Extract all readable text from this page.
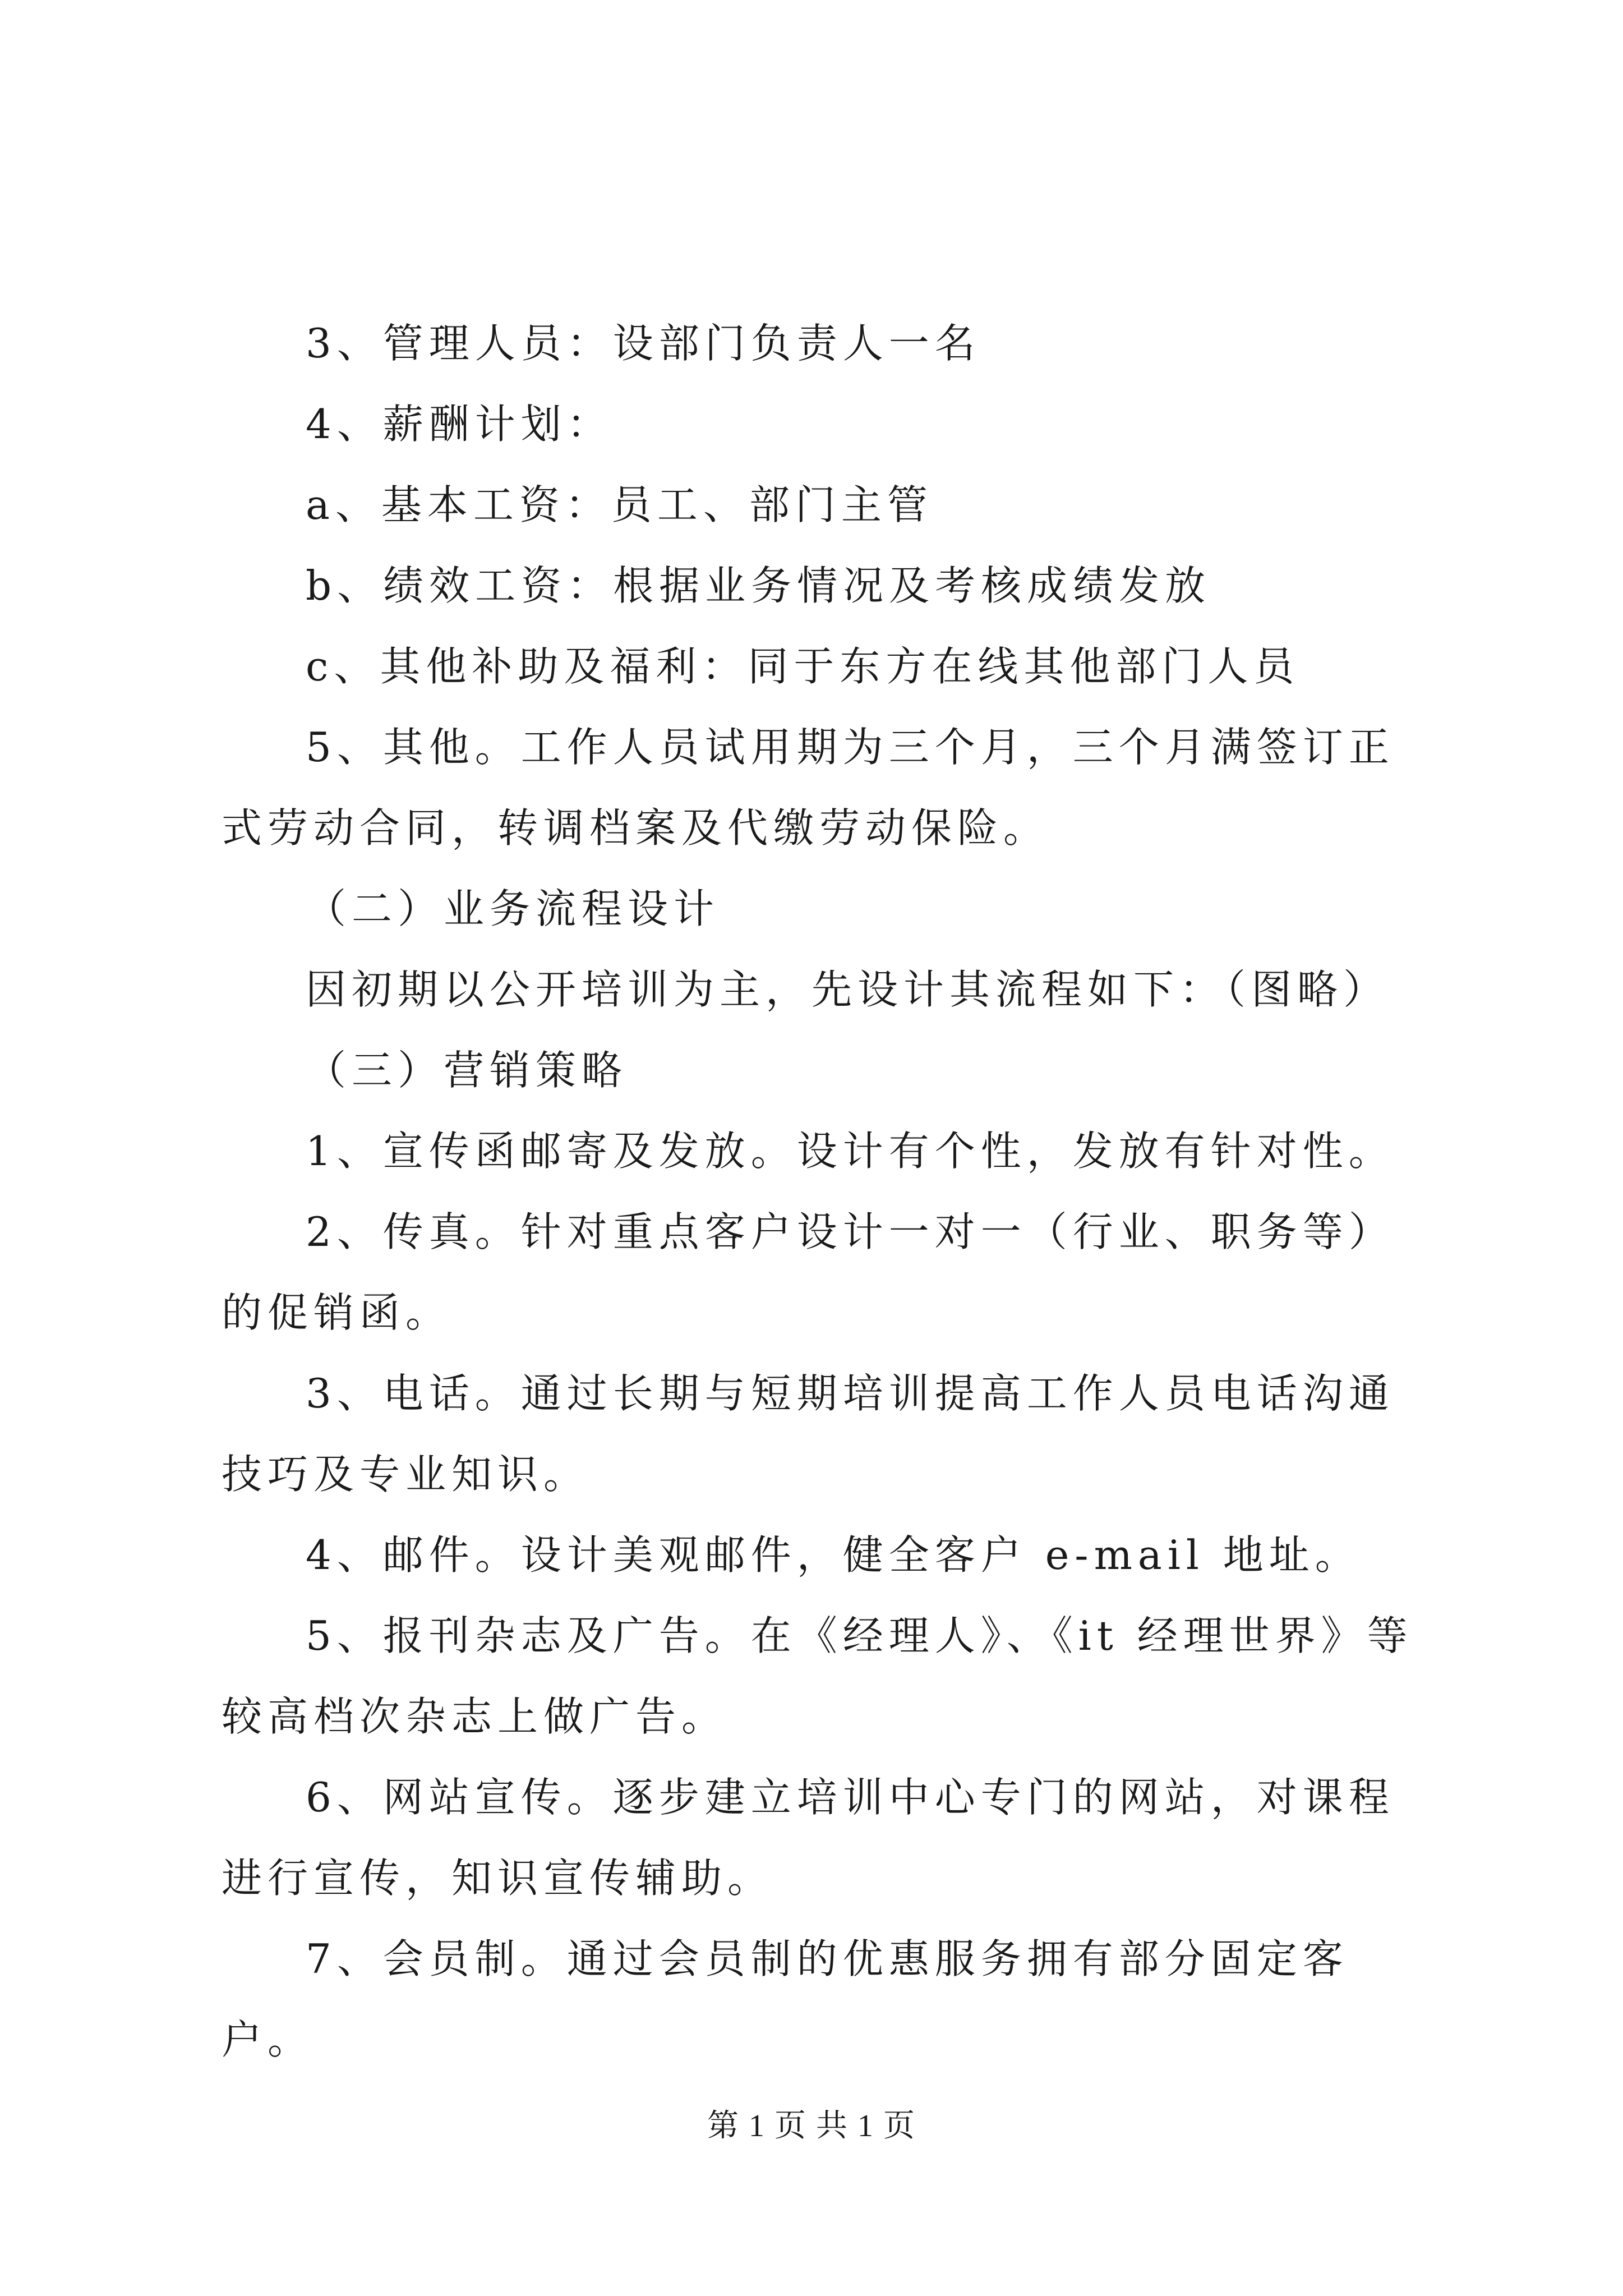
3、管理人员：设部门负责人一名

4、薪酬计划：

a、基本工资：员工、部门主管

b、绩效工资：根据业务情况及考核成绩发放

c、其他补助及福利：同于东方在线其他部门人员

5、其他。工作人员试用期为三个月，三个月满签订正式劳动合同，转调档案及代缴劳动保险。

（二）业务流程设计

因初期以公开培训为主，先设计其流程如下：（图略）

（三）营销策略

1、宣传函邮寄及发放。设计有个性，发放有针对性。

2、传真。针对重点客户设计一对一（行业、职务等）的促销函。

3、电话。通过长期与短期培训提高工作人员电话沟通技巧及专业知识。

4、邮件。设计美观邮件，健全客户 e-mail 地址。

5、报刊杂志及广告。在《经理人》、《it 经理世界》等较高档次杂志上做广告。

6、网站宣传。逐步建立培训中心专门的网站，对课程进行宣传，知识宣传辅助。

7、会员制。通过会员制的优惠服务拥有部分固定客户。

第 1 页 共 1 页
